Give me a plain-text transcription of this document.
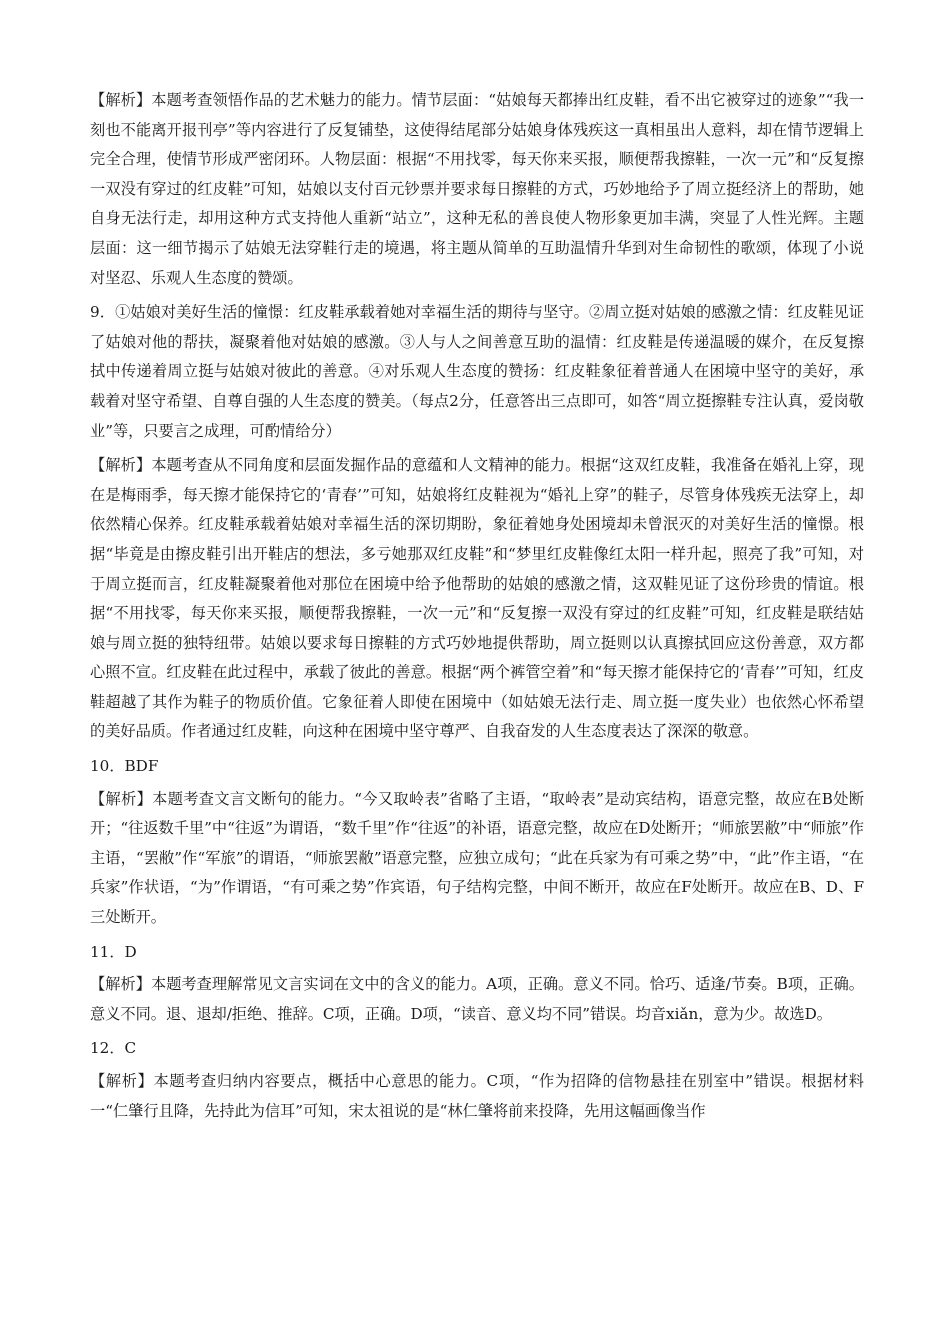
【解析】本题考查领悟作品的艺术魅力的能力。情节层面：“姑娘每天都捧出红皮鞋，看不出它被穿过的迹象”“我一刻也不能离开报刊亭”等内容进行了反复铺垫，这使得结尾部分姑娘身体残疾这一真相虽出人意料，却在情节逻辑上完全合理，使情节形成严密闭环。人物层面：根据“不用找零，每天你来买报，顺便帮我擦鞋，一次一元”和“反复擦一双没有穿过的红皮鞋”可知，姑娘以支付百元钞票并要求每日擦鞋的方式，巧妙地给予了周立挺经济上的帮助，她自身无法行走，却用这种方式支持他人重新“站立”，这种无私的善良使人物形象更加丰满，突显了人性光辉。主题层面：这一细节揭示了姑娘无法穿鞋行走的境遇，将主题从简单的互助温情升华到对生命韧性的歌颂，体现了小说对坚忍、乐观人生态度的赞颂。

9．①姑娘对美好生活的憧憬：红皮鞋承载着她对幸福生活的期待与坚守。②周立挺对姑娘的感激之情：红皮鞋见证了姑娘对他的帮扶，凝聚着他对姑娘的感激。③人与人之间善意互助的温情：红皮鞋是传递温暖的媒介，在反复擦拭中传递着周立挺与姑娘对彼此的善意。④对乐观人生态度的赞扬：红皮鞋象征着普通人在困境中坚守的美好，承载着对坚守希望、自尊自强的人生态度的赞美。（每点2分，任意答出三点即可，如答“周立挺擦鞋专注认真，爱岗敬业”等，只要言之成理，可酌情给分）

【解析】本题考查从不同角度和层面发掘作品的意蕴和人文精神的能力。根据“这双红皮鞋，我准备在婚礼上穿，现在是梅雨季，每天擦才能保持它的‘青春’”可知，姑娘将红皮鞋视为“婚礼上穿”的鞋子，尽管身体残疾无法穿上，却依然精心保养。红皮鞋承载着姑娘对幸福生活的深切期盼，象征着她身处困境却未曾泯灭的对美好生活的憧憬。根据“毕竟是由擦皮鞋引出开鞋店的想法，多亏她那双红皮鞋”和“梦里红皮鞋像红太阳一样升起，照亮了我”可知，对于周立挺而言，红皮鞋凝聚着他对那位在困境中给予他帮助的姑娘的感激之情，这双鞋见证了这份珍贵的情谊。根据“不用找零，每天你来买报，顺便帮我擦鞋，一次一元”和“反复擦一双没有穿过的红皮鞋”可知，红皮鞋是联结姑娘与周立挺的独特纽带。姑娘以要求每日擦鞋的方式巧妙地提供帮助，周立挺则以认真擦拭回应这份善意，双方都心照不宣。红皮鞋在此过程中，承载了彼此的善意。根据“两个裤管空着”和“每天擦才能保持它的‘青春’”可知，红皮鞋超越了其作为鞋子的物质价值。它象征着人即使在困境中（如姑娘无法行走、周立挺一度失业）也依然心怀希望的美好品质。作者通过红皮鞋，向这种在困境中坚守尊严、自我奋发的人生态度表达了深深的敬意。

10．BDF

【解析】本题考查文言文断句的能力。“今又取岭表”省略了主语，“取岭表”是动宾结构，语意完整，故应在B处断开；“往返数千里”中“往返”为谓语，“数千里”作“往返”的补语，语意完整，故应在D处断开；“师旅罢敝”中“师旅”作主语，“罢敝”作“军旅”的谓语，“师旅罢敝”语意完整，应独立成句；“此在兵家为有可乘之势”中，“此”作主语，“在兵家”作状语，“为”作谓语，“有可乘之势”作宾语，句子结构完整，中间不断开，故应在F处断开。故应在B、D、F三处断开。

11．D

【解析】本题考查理解常见文言实词在文中的含义的能力。A项，正确。意义不同。恰巧、适逢/节奏。B项，正确。意义不同。退、退却/拒绝、推辞。C项，正确。D项，“读音、意义均不同”错误。均音xiǎn，意为少。故选D。

12．C

【解析】本题考查归纳内容要点，概括中心意思的能力。C项，“作为招降的信物悬挂在别室中”错误。根据材料一“仁肇行且降，先持此为信耳”可知，宋太祖说的是“林仁肇将前来投降，先用这幅画像当作
